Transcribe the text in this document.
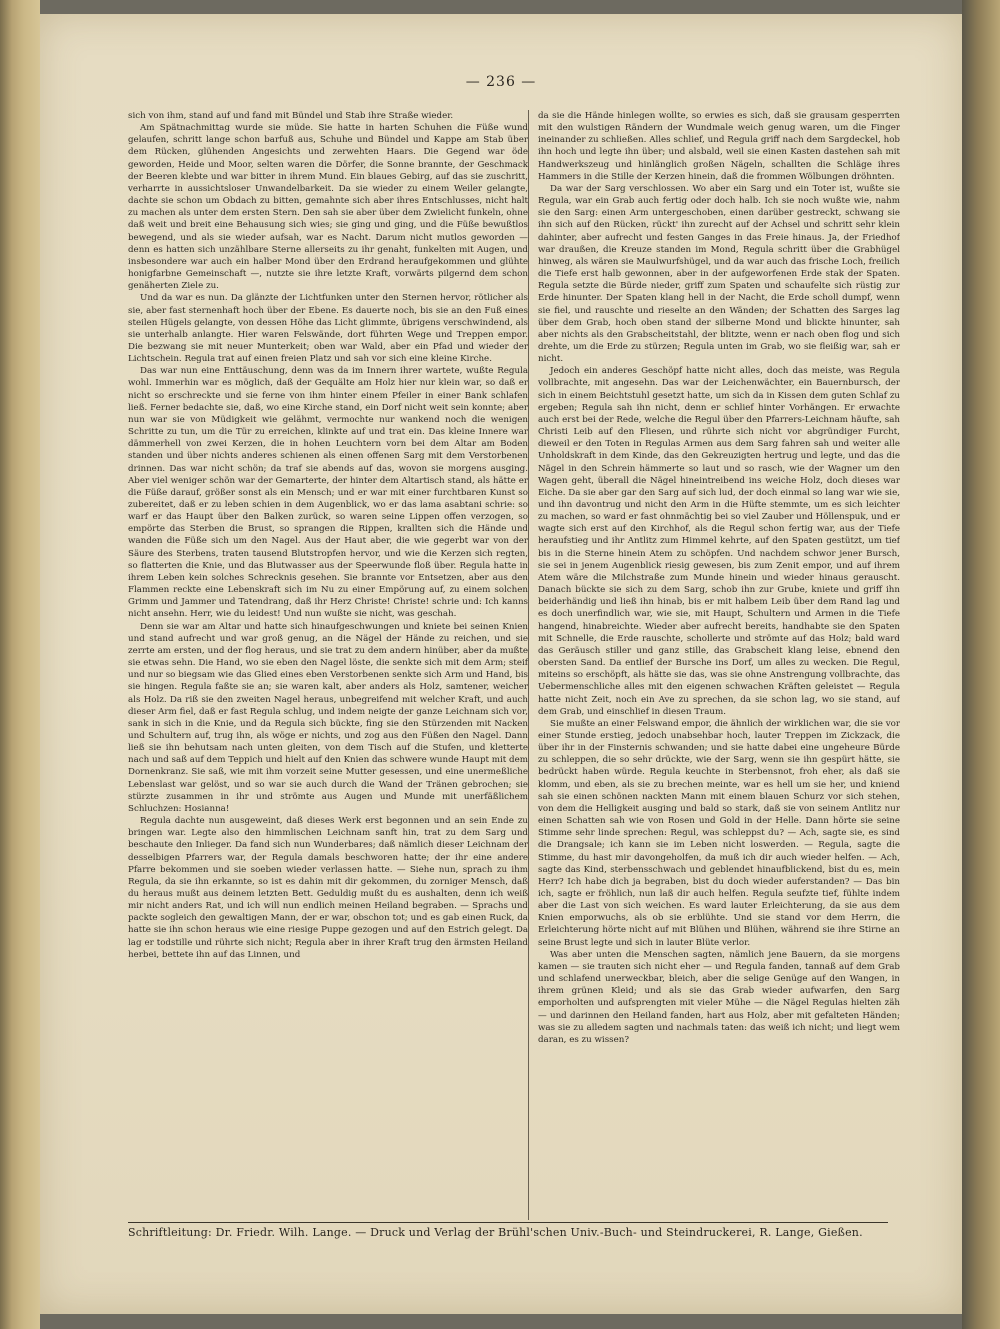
— 236 —

sich von ihm, stand auf und fand mit Bündel und Stab ihre Straße wieder.

Am Spätnachmittag wurde sie müde. Sie hatte in harten Schuhen die Füße wund gelaufen, schritt lange schon barfuß aus, Schuhe und Bündel und Kappe am Stab über dem Rücken, glühenden Angesichts und zerwehten Haars. Die Gegend war öde geworden, Heide und Moor, selten waren die Dörfer, die Sonne brannte, der Geschmack der Beeren klebte und war bitter in ihrem Mund. Ein blaues Gebirg, auf das sie zuschritt, verharrte in aussichtsloser Unwandelbarkeit. Da sie wieder zu einem Weiler gelangte, dachte sie schon um Obdach zu bitten, gemahnte sich aber ihres Entschlusses, nicht halt zu machen als unter dem ersten Stern. Den sah sie aber über dem Zwielicht funkeln, ohne daß weit und breit eine Behausung sich wies; sie ging und ging, und die Füße bewußtlos bewegend, und als sie wieder aufsah, war es Nacht. Darum nicht mutlos geworden — denn es hatten sich unzählbare Sterne allerseits zu ihr genaht, funkelten mit Augen, und insbesondere war auch ein halber Mond über den Erdrand heraufgekommen und glühte honigfarbne Gemeinschaft —, nutzte sie ihre letzte Kraft, vorwärts pilgernd dem schon genäherten Ziele zu.

Und da war es nun. Da glänzte der Lichtfunken unter den Sternen hervor, rötlicher als sie, aber fast sternenhaft hoch über der Ebene. Es dauerte noch, bis sie an den Fuß eines steilen Hügels gelangte, von dessen Höhe das Licht glimmte, übrigens verschwindend, als sie unterhalb anlangte. Hier waren Felswände, dort führten Wege und Treppen empor. Die bezwang sie mit neuer Munterkeit; oben war Wald, aber ein Pfad und wieder der Lichtschein. Regula trat auf einen freien Platz und sah vor sich eine kleine Kirche.

Das war nun eine Enttäuschung, denn was da im Innern ihrer wartete, wußte Regula wohl. Immerhin war es möglich, daß der Gequälte am Holz hier nur klein war, so daß er nicht so erschreckte und sie ferne von ihm hinter einem Pfeiler in einer Bank schlafen ließ. Ferner bedachte sie, daß, wo eine Kirche stand, ein Dorf nicht weit sein konnte; aber nun war sie von Müdigkeit wie gelähmt, vermochte nur wankend noch die wenigen Schritte zu tun, um die Tür zu erreichen, klinkte auf und trat ein. Das kleine Innere war dämmerhell von zwei Kerzen, die in hohen Leuchtern vorn bei dem Altar am Boden standen und über nichts anderes schienen als einen offenen Sarg mit dem Verstorbenen drinnen. Das war nicht schön; da traf sie abends auf das, wovon sie morgens ausging. Aber viel weniger schön war der Gemarterte, der hinter dem Altartisch stand, als hätte er die Füße darauf, größer sonst als ein Mensch; und er war mit einer furchtbaren Kunst so zubereitet, daß er zu leben schien in dem Augenblick, wo er das lama asabtani schrie: so warf er das Haupt über den Balken zurück, so waren seine Lippen offen verzogen, so empörte das Sterben die Brust, so sprangen die Rippen, krallten sich die Hände und wanden die Füße sich um den Nagel. Aus der Haut aber, die wie gegerbt war von der Säure des Sterbens, traten tausend Blutstropfen hervor, und wie die Kerzen sich regten, so flatterten die Knie, und das Blutwasser aus der Speerwunde floß über. Regula hatte in ihrem Leben kein solches Schrecknis gesehen. Sie brannte vor Entsetzen, aber aus den Flammen reckte eine Lebenskraft sich im Nu zu einer Empörung auf, zu einem solchen Grimm und Jammer und Tatendrang, daß ihr Herz Christe! Christe! schrie und: Ich kanns nicht ansehn. Herr, wie du leidest! Und nun wußte sie nicht, was geschah.

Denn sie war am Altar und hatte sich hinaufgeschwungen und kniete bei seinen Knien und stand aufrecht und war groß genug, an die Nägel der Hände zu reichen, und sie zerrte am ersten, und der flog heraus, und sie trat zu dem andern hinüber, aber da mußte sie etwas sehn. Die Hand, wo sie eben den Nagel löste, die senkte sich mit dem Arm; steif und nur so biegsam wie das Glied eines eben Verstorbenen senkte sich Arm und Hand, bis sie hingen. Regula faßte sie an; sie waren kalt, aber anders als Holz, samtener, weicher als Holz. Da riß sie den zweiten Nagel heraus, unbegreifend mit welcher Kraft, und auch dieser Arm fiel, daß er fast Regula schlug, und indem neigte der ganze Leichnam sich vor, sank in sich in die Knie, und da Regula sich bückte, fing sie den Stürzenden mit Nacken und Schultern auf, trug ihn, als wöge er nichts, und zog aus den Füßen den Nagel. Dann ließ sie ihn behutsam nach unten gleiten, von dem Tisch auf die Stufen, und kletterte nach und saß auf dem Teppich und hielt auf den Knien das schwere wunde Haupt mit dem Dornenkranz. Sie saß, wie mit ihm vorzeit seine Mutter gesessen, und eine unermeßliche Lebenslast war gelöst, und so war sie auch durch die Wand der Tränen gebrochen; sie stürzte zusammen in ihr und strömte aus Augen und Munde mit unerfäßlichem Schluchzen: Hosianna!

Regula dachte nun ausgeweint, daß dieses Werk erst begonnen und an sein Ende zu bringen war. Legte also den himmlischen Leichnam sanft hin, trat zu dem Sarg und beschaute den Inlieger. Da fand sich nun Wunderbares; daß nämlich dieser Leichnam der desselbigen Pfarrers war, der Regula damals beschworen hatte; der ihr eine andere Pfarre bekommen und sie soeben wieder verlassen hatte. — Siehe nun, sprach zu ihm Regula, da sie ihn erkannte, so ist es dahin mit dir gekommen, du zorniger Mensch, daß du heraus mußt aus deinem letzten Bett. Geduldig mußt du es aushalten, denn ich weiß mir nicht anders Rat, und ich will nun endlich meinen Heiland begraben. — Sprachs und packte sogleich den gewaltigen Mann, der er war, obschon tot; und es gab einen Ruck, da hatte sie ihn schon heraus wie eine riesige Puppe gezogen und auf den Estrich gelegt. Da lag er todstille und rührte sich nicht; Regula aber in ihrer Kraft trug den ärmsten Heiland herbei, bettete ihn auf das Linnen, und

da sie die Hände hinlegen wollte, so erwies es sich, daß sie grausam gesperrten mit den wulstigen Rändern der Wundmale weich genug waren, um die Finger ineinander zu schließen. Alles schlief, und Regula griff nach dem Sargdeckel, hob ihn hoch und legte ihn über; und alsbald, weil sie einen Kasten dastehen sah mit Handwerkszeug und hinlänglich großen Nägeln, schallten die Schläge ihres Hammers in die Stille der Kerzen hinein, daß die frommen Wölbungen dröhnten.

Da war der Sarg verschlossen. Wo aber ein Sarg und ein Toter ist, wußte sie Regula, war ein Grab auch fertig oder doch halb. Ich sie noch wußte wie, nahm sie den Sarg: einen Arm untergeschoben, einen darüber gestreckt, schwang sie ihn sich auf den Rücken, rückt' ihn zurecht auf der Achsel und schritt sehr klein dahinter, aber aufrecht und festen Ganges in das Freie hinaus. Ja, der Friedhof war draußen, die Kreuze standen im Mond, Regula schritt über die Grabhügel hinweg, als wären sie Maulwurfshügel, und da war auch das frische Loch, freilich die Tiefe erst halb gewonnen, aber in der aufgeworfenen Erde stak der Spaten. Regula setzte die Bürde nieder, griff zum Spaten und schaufelte sich rüstig zur Erde hinunter. Der Spaten klang hell in der Nacht, die Erde scholl dumpf, wenn sie fiel, und rauschte und rieselte an den Wänden; der Schatten des Sarges lag über dem Grab, hoch oben stand der silberne Mond und blickte hinunter, sah aber nichts als den Grabscheitstahl, der blitzte, wenn er nach oben flog und sich drehte, um die Erde zu stürzen; Regula unten im Grab, wo sie fleißig war, sah er nicht.

Jedoch ein anderes Geschöpf hatte nicht alles, doch das meiste, was Regula vollbrachte, mit angesehn. Das war der Leichenwächter, ein Bauernbursch, der sich in einem Beichtstuhl gesetzt hatte, um sich da in Kissen dem guten Schlaf zu ergeben; Regula sah ihn nicht, denn er schlief hinter Vorhängen. Er erwachte auch erst bei der Rede, welche die Regul über den Pfarrers-Leichnam häufte, sah Christi Leib auf den Fliesen, und rührte sich nicht vor abgründiger Furcht, dieweil er den Toten in Regulas Armen aus dem Sarg fahren sah und weiter alle Unholdskraft in dem Kinde, das den Gekreuzigten hertrug und legte, und das die Nägel in den Schrein hämmerte so laut und so rasch, wie der Wagner um den Wagen geht, überall die Nägel hineintreibend ins weiche Holz, doch dieses war Eiche. Da sie aber gar den Sarg auf sich lud, der doch einmal so lang war wie sie, und ihn davontrug und nicht den Arm in die Hüfte stemmte, um es sich leichter zu machen, so ward er fast ohnmächtig bei so viel Zauber und Höllenspuk, und er wagte sich erst auf den Kirchhof, als die Regul schon fertig war, aus der Tiefe heraufstieg und ihr Antlitz zum Himmel kehrte, auf den Spaten gestützt, um tief bis in die Sterne hinein Atem zu schöpfen. Und nachdem schwor jener Bursch, sie sei in jenem Augenblick riesig gewesen, bis zum Zenit empor, und auf ihrem Atem wäre die Milchstraße zum Munde hinein und wieder hinaus gerauscht. Danach bückte sie sich zu dem Sarg, schob ihn zur Grube, kniete und griff ihn beiderhändig und ließ ihn hinab, bis er mit halbem Leib über dem Rand lag und es doch unerfindlich war, wie sie, mit Haupt, Schultern und Armen in die Tiefe hangend, hinabreichte. Wieder aber aufrecht bereits, handhabte sie den Spaten mit Schnelle, die Erde rauschte, schollerte und strömte auf das Holz; bald ward das Geräusch stiller und ganz stille, das Grabscheit klang leise, ebnend den obersten Sand. Da entlief der Bursche ins Dorf, um alles zu wecken. Die Regul, miteins so erschöpft, als hätte sie das, was sie ohne Anstrengung vollbrachte, das Uebermenschliche alles mit den eigenen schwachen Kräften geleistet — Regula hatte nicht Zeit, noch ein Ave zu sprechen, da sie schon lag, wo sie stand, auf dem Grab, und einschlief in diesen Traum.

Sie mußte an einer Felswand empor, die ähnlich der wirklichen war, die sie vor einer Stunde erstieg, jedoch unabsehbar hoch, lauter Treppen im Zickzack, die über ihr in der Finsternis schwanden; und sie hatte dabei eine ungeheure Bürde zu schleppen, die so sehr drückte, wie der Sarg, wenn sie ihn gespürt hätte, sie bedrückt haben würde. Regula keuchte in Sterbensnot, froh eher, als daß sie klomm, und eben, als sie zu brechen meinte, war es hell um sie her, und kniend sah sie einen schönen nackten Mann mit einem blauen Schurz vor sich stehen, von dem die Helligkeit ausging und bald so stark, daß sie von seinem Antlitz nur einen Schatten sah wie von Rosen und Gold in der Helle. Dann hörte sie seine Stimme sehr linde sprechen: Regul, was schleppst du? — Ach, sagte sie, es sind die Drangsale; ich kann sie im Leben nicht loswerden. — Regula, sagte die Stimme, du hast mir davongeholfen, da muß ich dir auch wieder helfen. — Ach, sagte das Kind, sterbensschwach und geblendet hinaufblickend, bist du es, mein Herr? Ich habe dich ja begraben, bist du doch wieder auferstanden? — Das bin ich, sagte er fröhlich, nun laß dir auch helfen. Regula seufzte tief, fühlte indem aber die Last von sich weichen. Es ward lauter Erleichterung, da sie aus dem Knien emporwuchs, als ob sie erblühte. Und sie stand vor dem Herrn, die Erleichterung hörte nicht auf mit Blühen und Blühen, während sie ihre Stirne an seine Brust legte und sich in lauter Blüte verlor.

Was aber unten die Menschen sagten, nämlich jene Bauern, da sie morgens kamen — sie trauten sich nicht eher — und Regula fanden, tannaß auf dem Grab und schlafend unerweckbar, bleich, aber die selige Genüge auf den Wangen, in ihrem grünen Kleid; und als sie das Grab wieder aufwarfen, den Sarg emporholten und aufsprengten mit vieler Mühe — die Nägel Regulas hielten zäh — und darinnen den Heiland fanden, hart aus Holz, aber mit gefalteten Händen; was sie zu alledem sagten und nachmals taten: das weiß ich nicht; und liegt wem daran, es zu wissen?

Schriftleitung: Dr. Friedr. Wilh. Lange. — Druck und Verlag der Brühl'schen Univ.-Buch- und Steindruckerei, R. Lange, Gießen.
